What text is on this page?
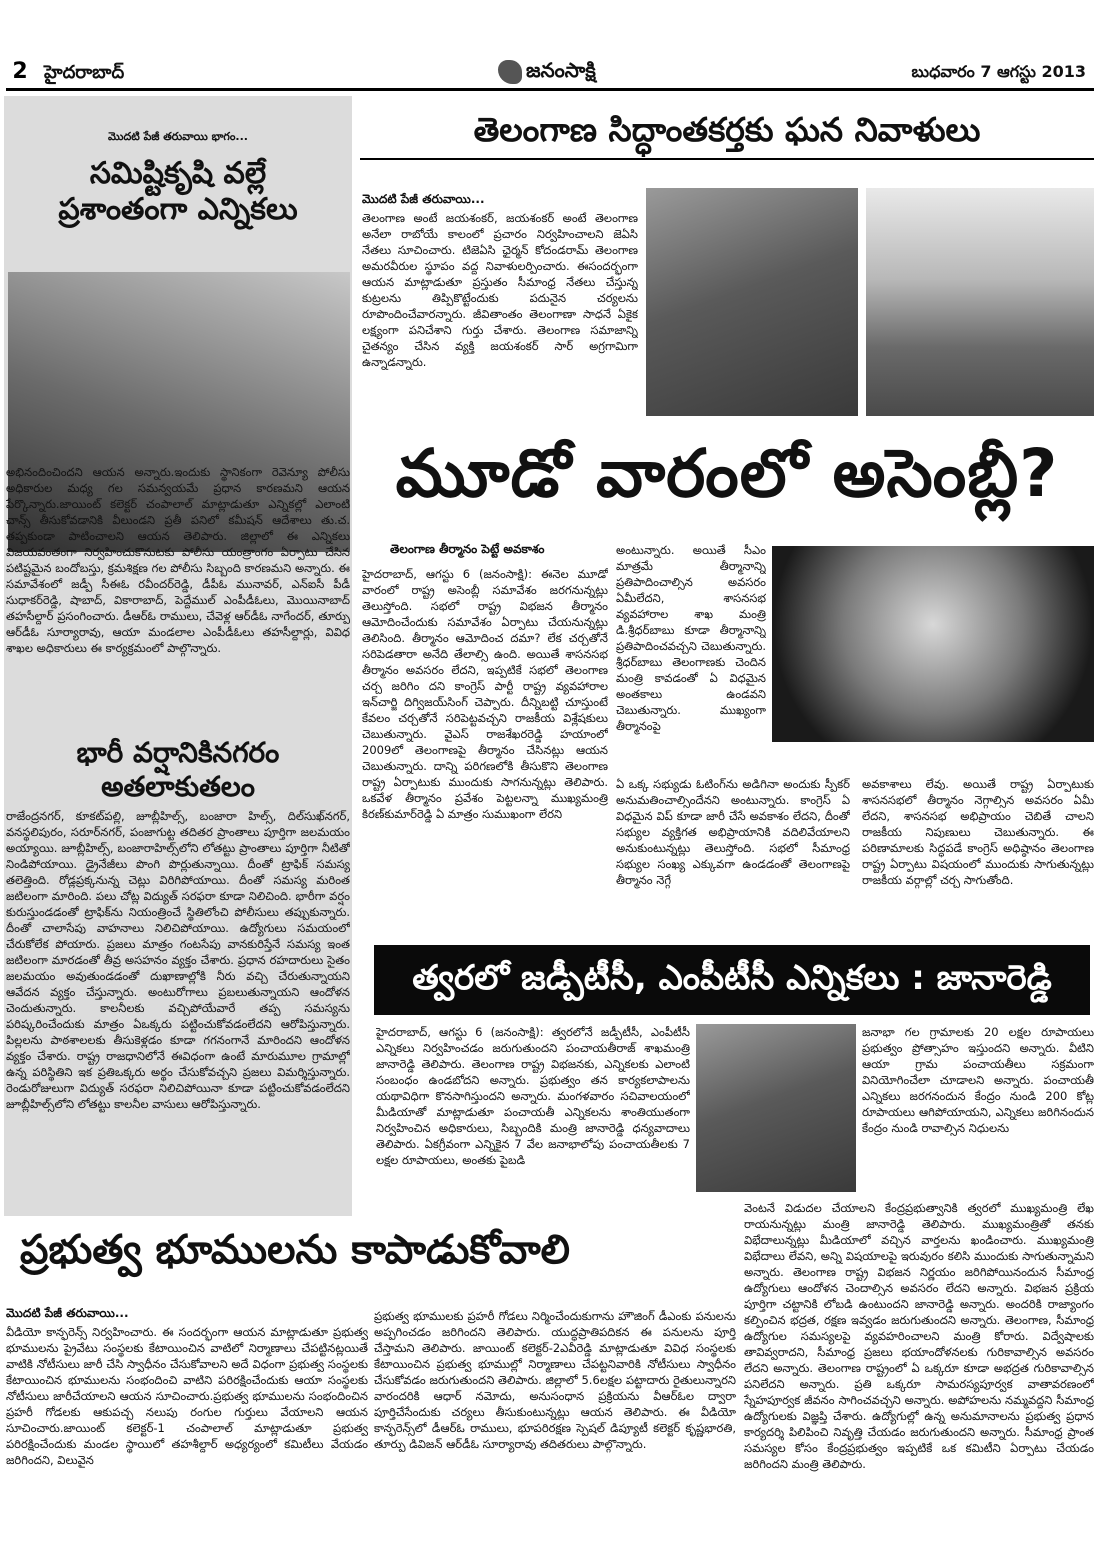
2 హైదరాబాద్	జనంసాక్షి	బుధవారం 7 ఆగస్టు 2013
మొదటి పేజీ తరువాయి భాగం...
సమిష్టికృషి వల్లే ప్రశాంతంగా ఎన్నికలు

అభినందించిందని ఆయన అన్నారు.ఇందుకు స్థానికంగా రెవెన్యూ పోలీసు అధికారుల మధ్య గల సమన్వయమే ప్రధాన కారణమని ఆయన పేర్కొన్నారు.జాయింట్ కలెక్టర్ చంపాలాల్ మాట్లాడుతూ ఎన్నికల్లో ఎలాంటి చాన్స్ తీసుకోవడానికి వీలుండని ప్రతీ పనిలో కమీషన్ ఆదేశాలు తు.చ. తప్పకుండా పాటించాలని ఆయన తెలిపారు. జిల్లాలో ఈ ఎన్నికలు విజయవంతంగా నిర్వహించుకొనుటకు పోలీసు యంత్రాంగం ఏర్పాటు చేసిన పటిష్టమైన బందోబస్తు, క్రమశిక్షణ గల పోలీసు సిబ్బంది కారణమని అన్నారు. ఈ సమావేశంలో జడ్పీ సీఈఓ రవీందర్‌రెడ్డి, డీపీఓ మునావర్, ఎన్‌ఐసీ పీడీ సుధాకర్‌రెడ్డి, షాబాద్, వికారాబాద్, పెద్దేముల్ ఎంపీడీఓలు, మొయినాబాద్ తహసీల్దార్ ప్రసంగించారు. డీఆర్‌ఓ రాములు, చేవెళ్ల ఆర్‌డీఓ నాగేందర్, తూర్పు ఆర్‌డీఓ సూర్యారావు, ఆయా మండలాల ఎంపీడీఓలు తహసీల్దార్లు, వివిధ శాఖల అధికారులు ఈ కార్యక్రమంలో పాల్గొన్నారు.

భారీ వర్షానికినగరం అతలాకుతలం

రాజేంద్రనగర్, కూకట్‌పల్లి, జూబ్లీహిల్స్, బంజారా హిల్స్, దిల్‌సుఖ్‌నగర్, వనస్థలిపురం, సరూర్‌నగర్, పంజాగుట్ట తదితర ప్రాంతాలు పూర్తిగా జలమయం అయ్యాయి. జూబ్లీహిల్స్, బంజారాహిల్స్‌లోని లోతట్టు ప్రాంతాలు పూర్తిగా నీటితో నిండిపోయాయి. డ్రైనేజీలు పొంగి పొర్లుతున్నాయి. దీంతో ట్రాఫిక్ సమస్య తలెత్తింది. రోడ్లప్రక్కనున్న చెట్లు విరిగిపోయాయి. దీంతో సమస్య మరింత జటిలంగా మారింది. పలు చోట్ల విద్యుత్ సరఫరా కూడా నిలిచింది. భారీగా వర్షం కురుస్తుండడంతో ట్రాఫిక్‌ను నియంత్రించే స్థితిలోంచి పోలీసులు తప్పుకున్నారు. దీంతో చాలాసేపు వాహనాలు నిలిచిపోయాయి. ఉద్యోగులు సమయంలో చేరుకోలేక పోయారు. ప్రజలు మాత్రం గంటసేపు వానకురిస్తేనే సమస్య ఇంత జటిలంగా మారడంతో తీవ్ర అసహనం వ్యక్తం చేశారు. ప్రధాన రహదారులు సైతం జలమయం అవుతుండడంతో దుఖాణాల్లోకి నీరు వచ్చి చేరుతున్నాయని ఆవేదన వ్యక్తం చేస్తున్నారు. అంటురోగాలు ప్రబలుతున్నాయని ఆందోళన చెందుతున్నారు. కాలనీలకు వచ్చిపోయేవారే తప్ప సమస్యను పరిష్కరించేందుకు మాత్రం ఏఒక్కరు పట్టించుకోవడంలేదని ఆరోపిస్తున్నారు. పిల్లలను పాఠశాలలకు తీసుకెళ్లడం కూడా గగనంగానే మారిందని ఆందోళన వ్యక్తం చేశారు. రాష్ట్ర రాజధానిలోనే ఈవిధంగా ఉంటే మారుమూల గ్రామాల్లో ఉన్న పరిస్థితిని ఇక ప్రతిఒక్కరు అర్థం చేసుకోవచ్చని ప్రజలు విమర్శిస్తున్నారు. రెండురోజులుగా విద్యుత్ సరఫరా నిలిచిపోయినా కూడా పట్టించుకోవడంలేదని జూబ్లీహిల్స్‌లోని లోతట్టు కాలనీల వాసులు ఆరోపిస్తున్నారు.

తెలంగాణ సిద్ధాంతకర్తకు ఘన నివాళులు
మొదటి పేజీ తరువాయి...

తెలంగాణ అంటే జయశంకర్, జయశంకర్ అంటే తెలంగాణ అనేలా రాబోయే కాలంలో ప్రచారం నిర్వహించాలని జెఏసి నేతలు సూచించారు. టిజెఏసి ఛైర్మన్ కోదండరామ్ తెలంగాణ అమరవీరుల స్థూపం వద్ద నివాళులర్పించారు. ఈసందర్భంగా ఆయన మాట్లాడుతూ ప్రస్తుతం సీమాంధ్ర నేతలు చేస్తున్న కుట్రలను తిప్పికొట్టేందుకు పదునైన చర్యలను రూపొందించేవారన్నారు. జీవితాంతం తెలంగాణా సాధనే ఏకైక లక్ష్యంగా పనిచేశాని గుర్తు చేశారు. తెలంగాణ సమాజాన్ని చైతన్యం చేసిన వ్యక్తి జయశంకర్ సార్ అగ్రగామిగా ఉన్నాడన్నారు.

మూడో వారంలో అసెంబ్లీ?
తెలంగాణ తీర్మానం పెట్టే అవకాశం

హైదరాబాద్, ఆగస్టు 6 (జనంసాక్షి): ఈనెల మూడో వారంలో రాష్ట్ర అసెంబ్లీ సమావేశం జరగనున్నట్లు తెలుస్తోంది. సభలో రాష్ట్ర విభజన తీర్మానం ఆమోదించేందుకు సమావేశం ఏర్పాటు చేయనున్నట్లు తెలిసింది. తీర్మానం ఆమోదించ దమా? లేక చర్చతోనే సరిపెడతారా అనేది తేలాల్సి ఉంది. అయితే శాసనసభ తీర్మానం అవసరం లేదని, ఇప్పటికే సభలో తెలంగాణ చర్చ జరిగిం దని కాంగ్రెస్ పార్టీ రాష్ట్ర వ్యవహారాల ఇన్‌చార్జి దిగ్విజయ్‌సింగ్ చెప్పారు. దీన్నిబట్టి చూస్తుంటే కేవలం చర్చతోనే సరిపెట్టవచ్చని రాజకీయ విశ్లేషకులు చెబుతున్నారు. వైఎస్ రాజశేఖరరెడ్డి హయాంలో 2009లో తెలంగాణపై తీర్మానం చేసినట్లు ఆయన చెబుతున్నారు. దాన్ని పరిగణలోకి తీసుకొని తెలంగాణ రాష్ట్ర ఏర్పాటుకు ముందుకు సాగనున్నట్లు తెలిపారు. ఒకవేళ తీర్మానం ప్రవేశం పెట్టలన్నా ముఖ్యమంత్రి కిరణ్‌కుమార్‌రెడ్డి ఏ మాత్రం సుముఖంగా లేరని

అంటున్నారు. అయితే సీఎం మాత్రమే తీర్మానాన్ని ప్రతిపాదించాల్సిన అవసరం ఏమీలేదని, శాసనసభ వ్యవహారాల శాఖ మంత్రి డి.శ్రీధర్‌బాబు కూడా తీర్మానాన్ని ప్రతిపాదించవచ్చని చెబుతున్నారు. శ్రీధర్‌బాబు తెలంగాణకు చెందిన మంత్రి కావడంతో ఏ విధమైన అంతకాలు ఉండవని చెబుతున్నారు. ముఖ్యంగా తీర్మానంపై

ఏ ఒక్క సభ్యుడు ఓటింగ్‌ను అడిగినా అందుకు స్పీకర్ అనుమతించాల్సిందేనని అంటున్నారు. కాంగ్రెస్ ఏ విధమైన విప్ కూడా జారీ చేసే అవకాశం లేదని, దీంతో సభ్యుల వ్యక్తిగత అభిప్రాయానికి వదిలివేయాలని అనుకుంటున్నట్లు తెలుస్తోంది. సభలో సీమాంధ్ర సభ్యుల సంఖ్య ఎక్కువగా ఉండడంతో తెలంగాణపై తీర్మానం నెగ్గే

అవకాశాలు లేవు. అయితే రాష్ట్ర ఏర్పాటుకు శాసనసభలో తీర్మానం నెగ్గాల్సిన అవసరం ఏమీ లేదని, శాసనసభ అభిప్రాయం చెబితే చాలని రాజకీయ నిపుణులు చెబుతున్నారు. ఈ పరిణామాలకు సిద్ధపడే కాంగ్రెస్ అధిష్ఠానం తెలంగాణ రాష్ట్ర ఏర్పాటు విషయంలో ముందుకు సాగుతున్నట్లు రాజకీయ వర్గాల్లో చర్చ సాగుతోంది.

త్వరలో జడ్పీటీసీ, ఎంపీటీసీ ఎన్నికలు : జానారెడ్డి

హైదరాబాద్, ఆగస్టు 6 (జనంసాక్షి): త్వరలోనే జడ్పీటీసీ, ఎంపీటీసీ ఎన్నికలు నిర్వహించడం జరుగుతుందని పంచాయతీరాజ్ శాఖమంత్రి జానారెడ్డి తెలిపారు. తెలంగాణ రాష్ట్ర విభజనకు, ఎన్నికలకు ఎలాంటి సంబంధం ఉండబోదని అన్నారు. ప్రభుత్వం తన కార్యకలాపాలను యథావిధిగా కొనసాగిస్తుందని అన్నారు. మంగళవారం సచివాలయంలో మీడియాతో మాట్లాడుతూ పంచాయతీ ఎన్నికలను శాంతియుతంగా నిర్వహించిన అధికారులు, సిబ్బందికి మంత్రి జానారెడ్డి ధన్యవాదాలు తెలిపారు. ఏకగ్రీవంగా ఎన్నికైన 7 వేల జనాభాలోపు పంచాయతీలకు 7 లక్షల రూపాయలు, అంతకు పైబడి

జనాభా గల గ్రామాలకు 20 లక్షల రూపాయలు ప్రభుత్వం ప్రోత్సాహం ఇస్తుందని అన్నారు. వీటిని ఆయా గ్రామ పంచాయతీలు సక్రమంగా వినియోగించేలా చూడాలని అన్నారు. పంచాయతీ ఎన్నికలు జరగనందున కేంద్రం నుండి 200 కోట్ల రూపాయలు ఆగిపోయాయని, ఎన్నికలు జరిగినందున కేంద్రం నుండి రావాల్సిన నిధులను

వెంటనే విడుదల చేయాలని కేంద్రప్రభుత్వానికి త్వరలో ముఖ్యమంత్రి లేఖ రాయనున్నట్లు మంత్రి జానారెడ్డి తెలిపారు. ముఖ్యమంత్రితో తనకు విభేదాలున్నట్లు మీడియాలో వచ్చిన వార్తలను ఖండించారు. ముఖ్యమంత్రి విభేదాలు లేవని, అన్ని విషయాలపై ఇరువురం కలిసి ముందుకు సాగుతున్నామని అన్నారు. తెలంగాణ రాష్ట్ర విభజన నిర్ణయం జరిగిపోయినందున సీమాంధ్ర ఉద్యోగులు ఆందోళన చెందాల్సిన అవసరం లేదని అన్నారు. విభజన ప్రక్రియ పూర్తిగా చట్టానికి లోబడి ఉంటుందని జానారెడ్డి అన్నారు. అందరికి రాజ్యాంగం కల్పించిన భద్రత, రక్షణ ఇవ్వడం జరుగుతుందని అన్నారు. తెలంగాణ, సీమాంధ్ర ఉద్యోగుల సమస్యలపై వ్యవహరించాలని మంత్రి కోరారు. విద్వేషాలకు తావివ్వరాదని, సీమాంధ్ర ప్రజలు భయాందోళనలకు గురికావాల్సిన అవసరం లేదని అన్నారు. తెలంగాణ రాష్ట్రంలో ఏ ఒక్కరూ కూడా అభద్రత గురికావాల్సిన పనిలేదని అన్నారు. ప్రతి ఒక్కరూ సామరస్యపూర్వక వాతావరణంలో స్నేహపూర్వక జీవనం సాగించవచ్చని అన్నారు. అపోహలను నమ్మవద్దని సీమాంధ్ర ఉద్యోగులకు విజ్ఞప్తి చేశారు. ఉద్యోగుల్లో ఉన్న అనుమానాలను ప్రభుత్వ ప్రధాన కార్యదర్శి పిలిపించి నివృత్తి చేయడం జరుగుతుందని అన్నారు. సీమాంధ్ర ప్రాంత సమస్యల కోసం కేంద్రప్రభుత్వం ఇప్పటికే ఒక కమిటీని ఏర్పాటు చేయడం జరిగిందని మంత్రి తెలిపారు.

ప్రభుత్వ భూములను కాపాడుకోవాలి
మొదటి పేజీ తరువాయి...

వీడియో కాన్ఫరెన్స్ నిర్వహించారు. ఈ సందర్భంగా ఆయన మాట్లాడుతూ ప్రభుత్వ భూములను ప్రైవేటు సంస్థలకు కేటాయించిన వాటిలో నిర్మాణాలు చేపట్టినట్లయితే వాటికి నోటీసులు జారీ చేసి స్వాధీనం చేసుకోవాలని అదే విధంగా ప్రభుత్వ సంస్థలకు కేటాయించిన భూములను సంభందించి వాటిని పరిరక్షించేందుకు ఆయా సంస్థలకు నోటీసులు జారీచేయాలని ఆయన సూచించారు.ప్రభుత్వ భూములను సంభందించిన ప్రహరీ గోడలకు ఆకుపచ్చ నలుపు రంగుల గుర్తులు వేయాలని ఆయన సూచించారు.జాయింట్ కలెక్టర్-1 చంపాలాల్ మాట్లాడుతూ ప్రభుత్వ పరిరక్షించేందుకు మండల స్థాయిలో తహశీల్దార్ అధ్యర్యంలో కమిటీలు వేయడం జరిగిందని, విలువైన

ప్రభుత్వ భూములకు ప్రహరీ గోడలు నిర్మించేందుకుగాను హౌజింగ్ డీఎంకు పనులను అప్పగించడం జరిగిందని తెలిపారు. యుద్ధప్రాతిపదికన ఈ పనులను పూర్తి చేస్తామని తెలిపారు. జాయింట్ కలెక్టర్-2ఎవీరెడ్డి మాట్లాడుతూ వివిధ సంస్థలకు కేటాయించిన ప్రభుత్వ భూముల్లో నిర్మాణాలు చేపట్టనివారికి నోటీసులు స్వాధీనం చేసుకోవడం జరుగుతుందని తెలిపారు. జిల్లాలో 5.6లక్షల పట్టాదారు రైతులున్నారని వారందరికి ఆధార్ నమోదు, అనుసంధాన ప్రక్రియను వీఆర్‌ఓల ద్వారా పూర్తిచేసేందుకు చర్యలు తీసుకుంటున్నట్లు ఆయన తెలిపారు. ఈ వీడియో కాన్ఫరెన్స్‌లో డీఆర్‌ఓ రాములు, భూపరిరక్షణ స్పెషల్ డిప్యూటీ కలెక్టర్ కృష్ణభారతి, తూర్పు డివిజన్ ఆర్‌డీఓ సూర్యారావు తదితరులు పాల్గొన్నారు.
